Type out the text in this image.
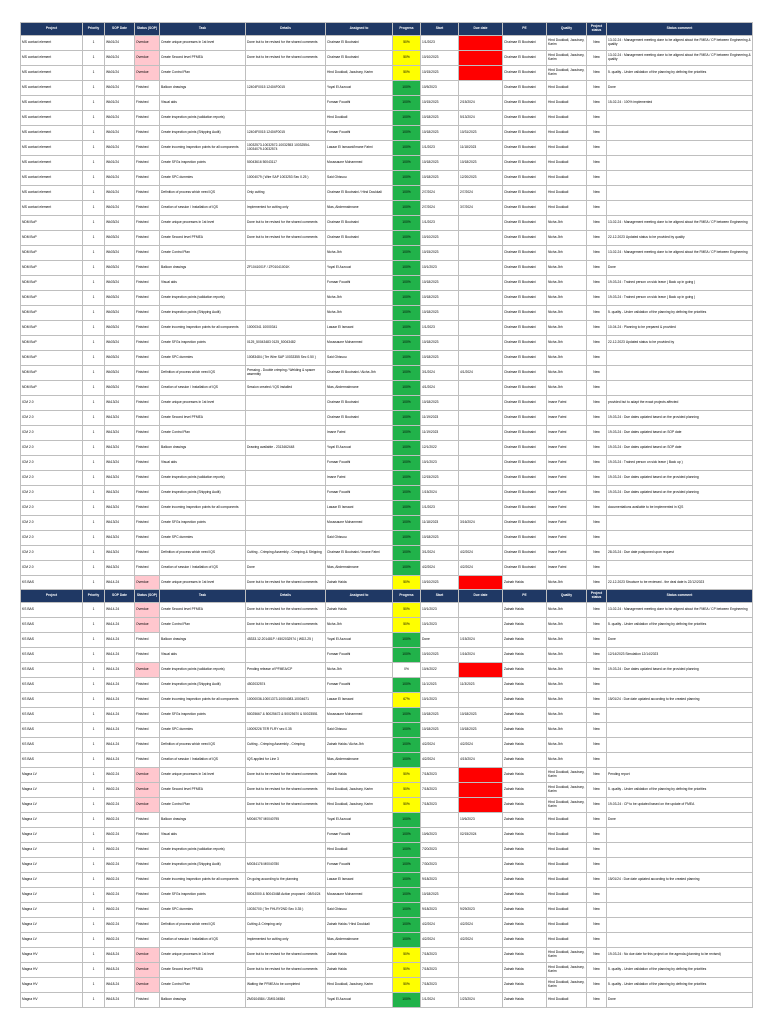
Project	Priority	SOP Date	Status (SOP)	Task	Details	Assigned to	Progress	Start	Due date	PE	Quality	Project status	Status comment
MS contact element	1	Wk01/24	Overdue	Create unique processes in 1st level	Done but to be revised for the shared comments	Chaimae El Boutnaini	50%	1/1/2023		Chaimae El Boutnaini	Hind Doukkali, Jaouhary, Karim	New	13-02-24 : Management meeting done to be aligned about the FMEA / CP between Engineering & quality
MS contact element	1	Wk01/24	Overdue	Create Second level PFMEA	Done but to be revised for the shared comments	Chaimae El Boutnaini	50%	10/10/2023		Chaimae El Boutnaini	Hind Doukkali, Jaouhary, Karim	New	13-02-24 : Management meeting done to be aligned about the FMEA / CP between Engineering & quality
MS contact element	1	Wk01/24	Overdue	Create Control Plan		Hind Doukkali, Jaouhary, Karim	50%	10/15/2023		Chaimae El Boutnaini	Hind Doukkali, Jaouhary, Karim	New	5. quality - Under validation of the planning by defining the priorities
MS contact element	1	Wk01/24	Finished	Balloon drawings	12404F0015 12404F0015	Yoyal El Azzouzi	100%	10/5/2023		Chaimae El Boutnaini	Hind Doukkali	New	Done
MS contact element	1	Wk01/24	Finished	Visual aids		Fomaar Fouathi	100%	10/15/2023	2/15/2024	Chaimae El Boutnaini	Hind Doukkali	New	15-02-24 : 100% implemented
MS contact element	1	Wk01/24	Finished	Create inspection points (validation reports)		Hind Doukkali	100%	10/18/2023	5/13/2024	Chaimae El Boutnaini	Hind Doukkali	New	
MS contact element	1	Wk01/24	Finished	Create inspection points (Shipping Audit)	12404F0015 12404F0015	Fomaar Fouathi	100%	10/18/2023	10/31/2023	Chaimae El Boutnaini	Hind Doukkali	New	
MS contact element	1	Wk01/24	Finished	Create incoming Inspection points for all components	10032573-10032572-10032553 10032554-10034079-10032574	Lasaar El Ismaani/Imane Fatmi	100%	1/1/2023	11/18/2023	Chaimae El Boutnaini	Hind Doukkali	New	
MS contact element	1	Wk01/24	Finished	Create SFGs inspection points	50043616 50043117	Moussaune Mohammed	100%	10/18/2023	10/18/2023	Chaimae El Boutnaini	Hind Doukkali	New	
MS contact element	1	Wk01/24	Finished	Create SPC dummies	10004079 ( Wire SAP 1003253 Sec 0.25 )	Said Ghissou	100%	10/18/2023	12/20/2023	Chaimae El Boutnaini	Hind Doukkali	New	
MS contact element	1	Wk01/24	Finished	Definition of process which need IQS	Only cutting	Chaimae El Boutnaini / Hind Doukkali	100%	2/7/2024	2/7/2024	Chaimae El Boutnaini	Hind Doukkali	New	
MS contact element	1	Wk01/24	Finished	Creation of session / Installation of IQS	Implemented for cutting only	Nlas, Abdermalnnane	100%	2/7/2024	3/7/2024	Chaimae El Boutnaini	Hind Doukkali	New	
NDM BoP	1	Wk03/24	Finished	Create unique processes in 1st level	Done but to be revised for the shared comments	Chaimae El Boutnaini	100%	1/1/2023		Chaimae El Boutnaini	Nicha Jbh	New	13-02-24 : Management meeting done to be aligned about the FMEA / CP between Engineering
NDM BoP	1	Wk03/24	Finished	Create Second level PFMEA	Done but to be revised for the shared comments	Chaimae El Boutnaini	100%	10/10/2023		Chaimae El Boutnaini	Nicha Jbh	New	22-12-2023 Updated status to be provided by quality
NDM BoP	1	Wk03/24	Finished	Create Control Plan		Nicha Jbh	100%	10/15/2023		Chaimae El Boutnaini	Nicha Jbh	New	13-02-24 : Management meeting done to be aligned about the FMEA / CP between Engineering
NDM BoP	1	Wk03/24	Finished	Balloon drawings	ZF1041001F / ZF01041001K	Yoyal El Azzouzi	100%	10/1/2023		Chaimae El Boutnaini	Nicha Jbh	New	Done
NDM BoP	1	Wk03/24	Finished	Visual aids		Fomaar Fouathi	100%	10/18/2023		Chaimae El Boutnaini	Nicha Jbh	New	19-03-24 : Trained person on sick leave ( Back up in going )
NDM BoP	1	Wk03/24	Finished	Create inspection points (validation reports)		Nicha Jbh	100%	10/18/2023		Chaimae El Boutnaini	Nicha Jbh	New	19-03-24 : Trained person on sick leave ( Back up in going )
NDM BoP	1	Wk03/24	Finished	Create inspection points (Shipping Audit)		Nicha Jbh	100%	10/18/2023		Chaimae El Boutnaini	Nicha Jbh	New	5. quality - Under validation of the planning by defining the priorities
NDM BoP	1	Wk03/24	Finished	Create incoming Inspection points for all components	10000341 10000341	Lasaar El Ismaani	100%	1/1/2023		Chaimae El Boutnaini	Nicha Jbh	New	10-04-24 : Planning to be prepared & provided
NDM BoP	1	Wk03/24	Finished	Create SFGs inspection points	0125_50043483 0125_50043482	Moussaune Mohammed	100%	10/18/2023		Chaimae El Boutnaini	Nicha Jbh	New	22-12-2023 Updated status to be provided by
NDM BoP	1	Wk03/24	Finished	Create SPC dummies	10083484 ( Ter Wire SAP 10033355 Sec 0.50 )	Said Ghissou	100%	10/18/2023		Chaimae El Boutnaini	Nicha Jbh	New	
NDM BoP	1	Wk03/24	Finished	Definition of process which need IQS	Pressing - Double crimping / Welding & spacer assembly	Chaimae El Boutnaini / Aicha Jbh	100%	3/1/2024	4/1/2024	Chaimae El Boutnaini	Nicha Jbh	New	
NDM BoP	1	Wk03/24	Finished	Creation of session / Installation of IQS	Session created / IQS installed	Nlas, Abdermalnnane	100%	4/1/2024		Chaimae El Boutnaini	Nicha Jbh	New	
ICM 2.0	1	Wk13/24	Finished	Create unique processes in 1st level		Chaimae El Boutnaini	100%	10/18/2023		Chaimae El Boutnaini	Imane Fatmi	New	provided but to adapt the exact projects affected
ICM 2.0	1	Wk13/24	Finished	Create Second level PFMEA		Chaimae El Boutnaini	100%	11/19/2023		Chaimae El Boutnaini	Imane Fatmi	New	19-03-24 : Due dates updated based on the provided planning
ICM 2.0	1	Wk13/24	Finished	Create Control Plan		Imane Fatmi	100%	11/19/2023		Chaimae El Boutnaini	Imane Fatmi	New	19-03-24 : Due dates updated based on SOP date
ICM 2.0	1	Wk13/24	Finished	Balloon drawings	Drawing available - 2313462448	Yoyal El Azzouzi	100%	12/1/2022		Chaimae El Boutnaini	Imane Fatmi	New	19-03-24 : Due dates updated based on SOP date
ICM 2.0	1	Wk13/24	Finished	Visual aids		Fomaar Fouathi	100%	10/1/2023		Chaimae El Boutnaini	Imane Fatmi	New	19-03-24 : Trained person on sick leave ( Back up )
ICM 2.0	1	Wk13/24	Finished	Create inspection points (validation reports)		Imane Fatmi	100%	12/15/2023		Chaimae El Boutnaini	Imane Fatmi	New	19-03-24 : Due dates updated based on the provided planning
ICM 2.0	1	Wk13/24	Finished	Create inspection points (Shipping Audit)		Fomaar Fouathi	100%	1/15/2024		Chaimae El Boutnaini	Imane Fatmi	New	19-03-24 : Due dates updated based on the provided planning
ICM 2.0	1	Wk13/24	Finished	Create incoming Inspection points for all components		Lasaar El Ismaani	100%	1/1/2023		Chaimae El Boutnaini	Imane Fatmi	New	documentations available to be implemented in IQS
ICM 2.0	1	Wk13/24	Finished	Create SFGs inspection points		Moussaune Mohammed	100%	11/18/2023	3/16/2024	Chaimae El Boutnaini	Imane Fatmi	New	
ICM 2.0	1	Wk13/24	Finished	Create SPC dummies		Said Ghissou	100%	10/18/2023		Chaimae El Boutnaini	Imane Fatmi	New	
ICM 2.0	1	Wk13/24	Finished	Definition of process which need IQS	Cutting - Crimping Assembly - Crimping & Stripping	Chaimae El Boutnaini / Imane Fatmi	100%	3/1/2024	4/2/2024	Chaimae El Boutnaini	Imane Fatmi	New	28-03-24 : Due date postponed upon request
ICM 2.0	1	Wk13/24	Finished	Creation of session / Installation of IQS	Done	Nlas, Abdermalnnane	100%	4/2/2024	4/2/2024	Chaimae El Boutnaini	Imane Fatmi	New	
KS BAS	1	Wk14-24	Overdue	Create unique processes in 1st level	Done but to be revised for the shared comments	Zainab Haida	50%	10/10/2023		Zainab Haida	Nicha Jbh	New	22-12-2023 Structure to be reviewed - the deal date is 22/12/2023
Project	Priority	SOP Date	Status (SOP)	Task	Details	Assigned to	Progress	Start	Due date	PE	Quality	Project status	Status comment
KS BAS	1	Wk14-24	Overdue	Create Second level PFMEA	Done but to be revised for the shared comments	Zainab Haida	50%	10/1/2023		Zainab Haida	Nicha Jbh	New	13-02-24 : Management meeting done to be aligned about the FMEA / CP between Engineering
KS BAS	1	Wk14-24	Overdue	Create Control Plan	Done but to be revised for the shared comments	Nicha Jbh	50%	10/1/2023		Zainab Haida	Nicha Jbh	New	5. quality - Under validation of the planning by defining the priorities
KS BAS	1	Wk14-24	Finished	Balloon drawings	45333.12.201481P / 4502032974 ( WD2-25 )	Yoyal El Azzouzi	100%	Done	1/15/2024	Zainab Haida	Nicha Jbh	New	Done
KS BAS	1	Wk14-24	Finished	Visual aids		Fomaar Fouathi	100%	10/10/2023	1/16/2024	Zainab Haida	Nicha Jbh	New	12/14/2023 Simulation 12/14/2023
KS BAS	1	Wk14-24	Overdue	Create inspection points (validation reports)	Pending release of PFMEA/CP	Nicha Jbh	0%	10/4/2022		Zainab Haida	Nicha Jbh	New	19-03-24 : Due dates updated based on the provided planning
KS BAS	1	Wk14-24	Finished	Create inspection points (Shipping Audit)	4502032574	Fomaar Fouathi	100%	11/1/2023	11/3/2023	Zainab Haida	Nicha Jbh	New	
KS BAS	1	Wk14-24	Finished	Create incoming Inspection points for all components	10000036-10001373-10004083-10004671	Lasaar El Ismaani	67%	10/1/2023		Zainab Haida	Nicha Jbh	New	15/01/24 : Due date updated according to the created planning
KS BAS	1	Wk14-24	Finished	Create SFGs inspection points	50025667 & 50025672 & 50025670 & 50023551	Moussaune Mohammed	100%	10/18/2023	10/18/2023	Zainab Haida	Nicha Jbh	New	
KS BAS	1	Wk14-24	Finished	Create SPC dummies	10009226 TER FLRY sec 0.35	Said Ghissou	100%	10/18/2023	10/18/2023	Zainab Haida	Nicha Jbh	New	
KS BAS	1	Wk14-24	Finished	Definition of process which need IQS	Cutting - Crimping Assembly - Crimping	Zainab Haida / Aicha Jbh	100%	4/2/2024	4/2/2024	Zainab Haida	Nicha Jbh	New	
KS BAS	1	Wk14-24	Finished	Creation of session / Installation of IQS	IQS applied for Line 3	Nlas, Abdermalnnane	100%	4/2/2024	4/15/2024	Zainab Haida	Nicha Jbh	New	
Magna LV	1	Wk02-24	Overdue	Create unique processes in 1st level	Done but to be revised for the shared comments	Zainab Haida	50%	7/18/2023		Zainab Haida	Hind Doukkali, Jaouhary, Karim	New	Pending report
Magna LV	1	Wk02-24	Overdue	Create Second level PFMEA	Done but to be revised for the shared comments	Hind Doukkali, Jaouhary, Karim	50%	7/18/2023		Zainab Haida	Hind Doukkali, Jaouhary, Karim	New	5. quality - Under validation of the planning by defining the priorities
Magna LV	1	Wk02-24	Overdue	Create Control Plan	Done but to be revised for the shared comments	Hind Doukkali, Jaouhary, Karim	50%	7/18/2023		Zainab Haida	Hind Doukkali, Jaouhary, Karim	New	19-03-24 : CP to be updated based on the update of FMEA
Magna LV	1	Wk02-24	Finished	Balloon drawings	M0040797 M0040795	Yoyal El Azzouzi	100%		10/6/2023	Zainab Haida	Hind Doukkali	New	Done
Magna LV	1	Wk02-24	Finished	Visual aids		Fomaar Fouathi	100%	10/6/2023	02/15/2024	Zainab Haida	Hind Doukkali	New	
Magna LV	1	Wk02-24	Finished	Create inspection points (validation reports)		Hind Doukkali	100%	7/20/2023		Zainab Haida	Hind Doukkali	New	
Magna LV	1	Wk02-24	Finished	Create inspection points (Shipping Audit)	M0034176 M0040780	Fomaar Fouathi	100%	7/30/2023		Zainab Haida	Hind Doukkali	New	
Magna LV	1	Wk02-24	Finished	Create incoming Inspection points for all components	On going according to the planning	Lasaar El Ismaani	100%	9/18/2023		Zainab Haida	Hind Doukkali	New	15/01/24 : Due date updated according to the created planning
Magna LV	1	Wk02-24	Finished	Create SFGs inspection points	50042000 & 50043468 Action proposed : 08/04/24	Moussaune Mohammed	100%	10/18/2023		Zainab Haida	Hind Doukkali	New	
Magna LV	1	Wk02-24	Finished	Create SPC dummies	10030700 ( Ter FHLRY2ND Sec 0.35 )	Said Ghissou	100%	9/18/2023	9/29/2023	Zainab Haida	Hind Doukkali	New	
Magna LV	1	Wk02-24	Finished	Definition of process which need IQS	Cutting & Crimping only	Zainab Haida / Hind Doukkali	100%	4/2/2024	4/2/2024	Zainab Haida	Hind Doukkali	New	
Magna LV	1	Wk02-24	Finished	Creation of session / Installation of IQS	Implemented for cutting only	Nlas, Abdermalnnane	100%	4/2/2024	4/2/2024	Zainab Haida	Hind Doukkali	New	
Magna HV	1	Wk18-24	Overdue	Create unique processes in 1st level	Done but to be revised for the shared comments	Zainab Haida	50%	7/18/2023		Zainab Haida	Hind Doukkali, Jaouhary, Karim	New	19-03-24 : No due date for this project on the agenda (planning to be revised)
Magna HV	1	Wk18-24	Overdue	Create Second level PFMEA	Done but to be revised for the shared comments	Zainab Haida	50%	7/18/2023		Zainab Haida	Hind Doukkali, Jaouhary, Karim	New	5. quality - Under validation of the planning by defining the priorities
Magna HV	1	Wk18-24	Overdue	Create Control Plan	Waiting the PFMEA to be completed	Hind Doukkali, Jaouhary, Karim	50%	7/18/2023		Zainab Haida	Hind Doukkali, Jaouhary, Karim	New	5. quality - Under validation of the planning by defining the priorities
Magna HV	1	Wk18-24	Finished	Balloon drawings	ZM0104584 / ZM0104584	Yoyal El Azzouzi	100%	1/1/2024	1/23/2024	Zainab Haida	Hind Doukkali	New	Done
